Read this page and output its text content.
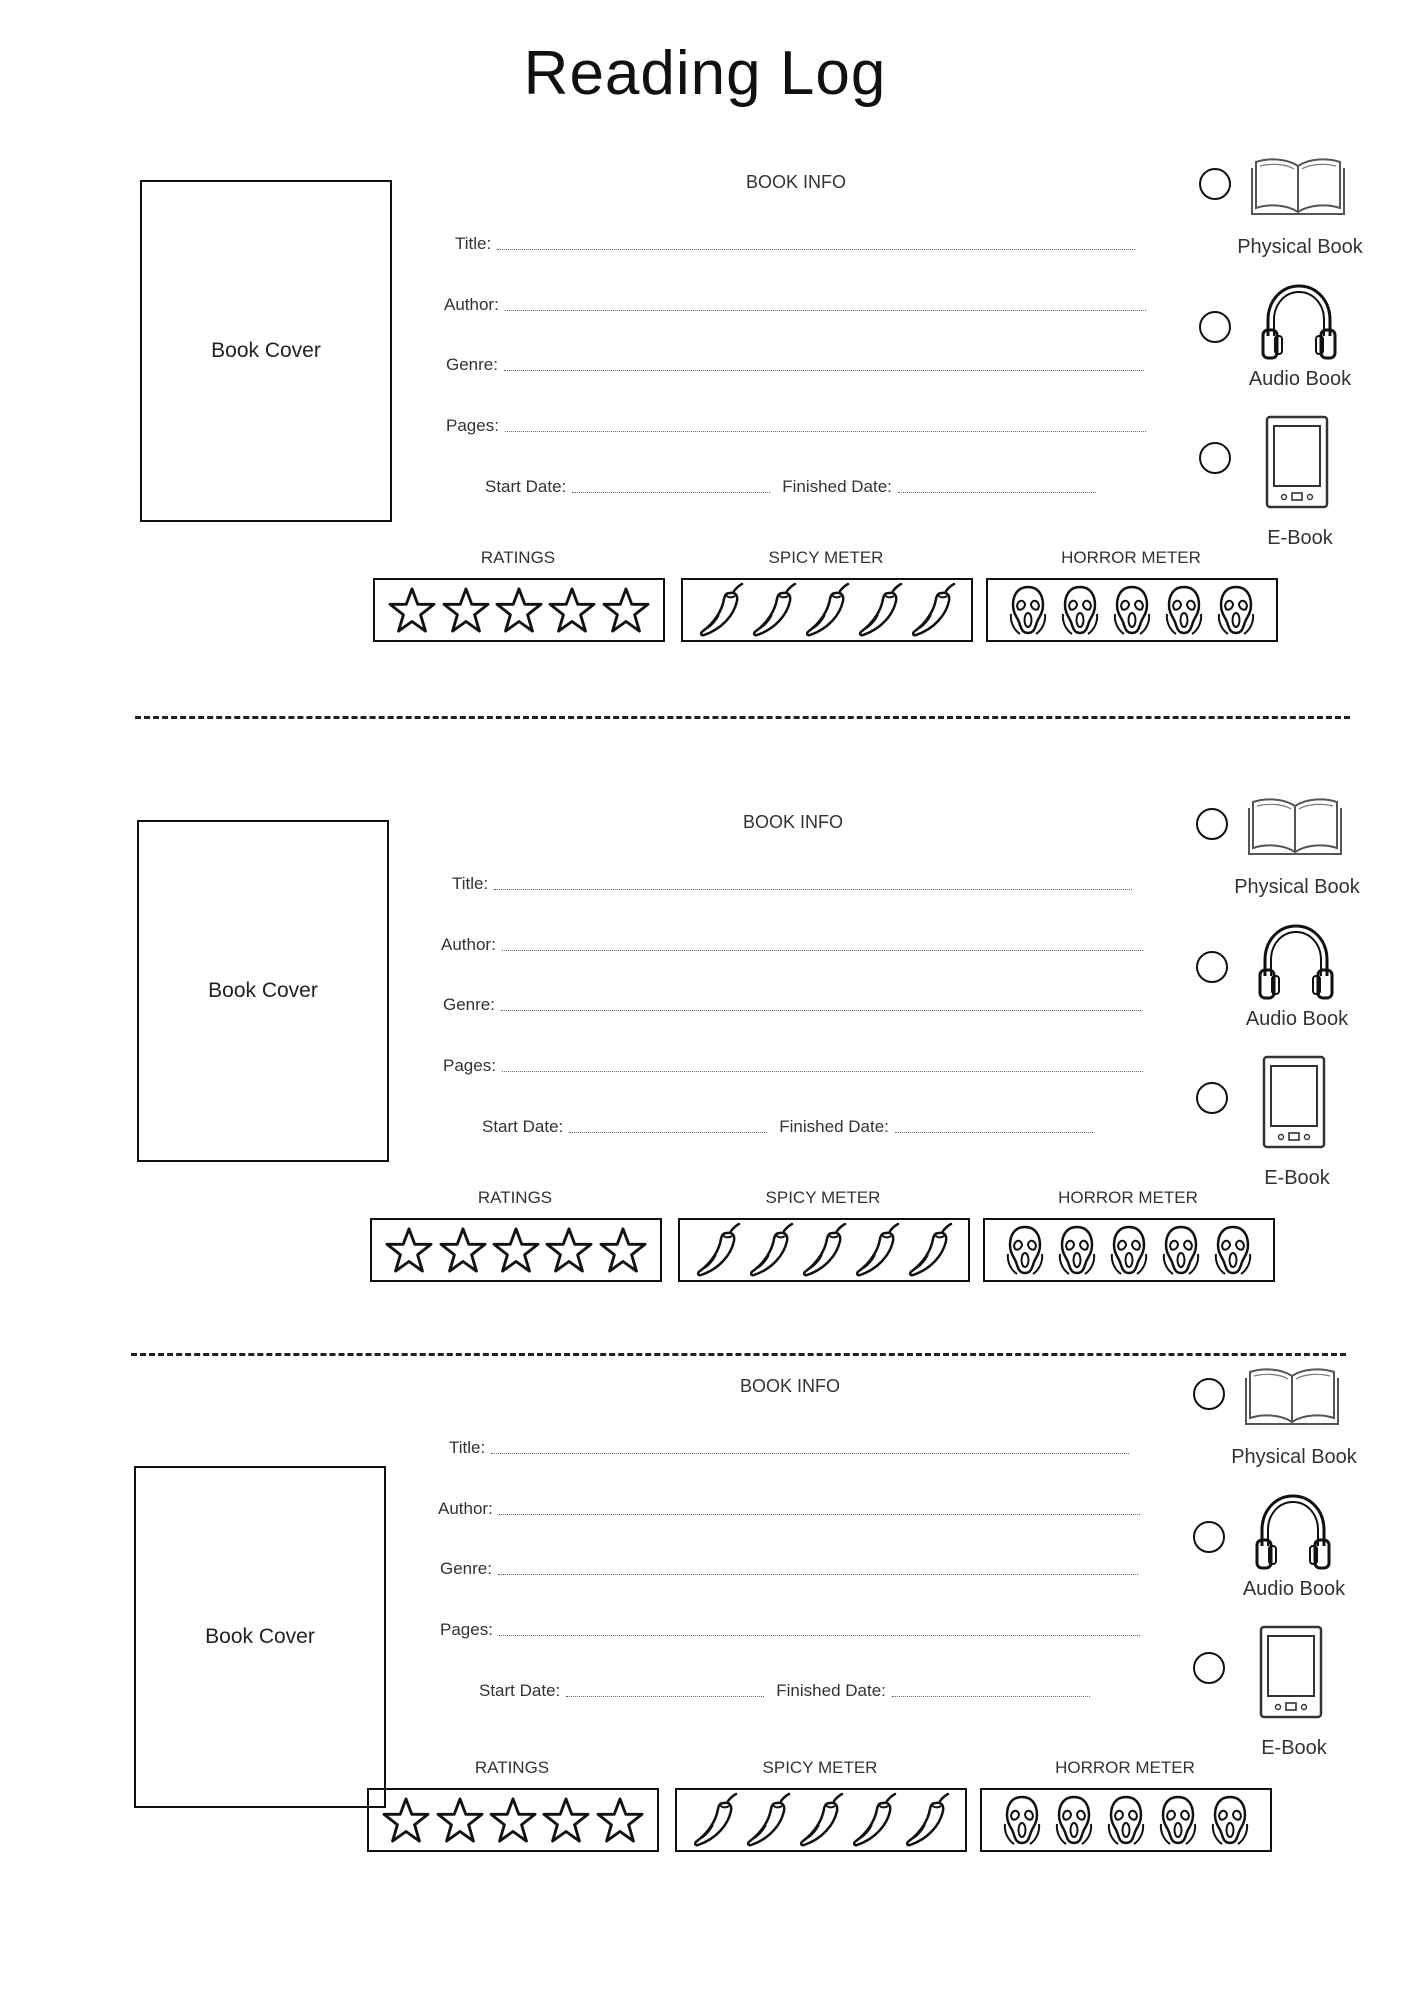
Reading Log
Book Cover
BOOK INFO
Title:
Author:
Genre:
Pages:
Start Date:	Finished Date:
Physical Book
Audio Book
E-Book
RATINGS	SPICY METER	HORROR METER
Book Cover
BOOK INFO
Title:
Author:
Genre:
Pages:
Start Date:	Finished Date:
Physical Book
Audio Book
E-Book
RATINGS	SPICY METER	HORROR METER
Book Cover
BOOK INFO
Title:
Author:
Genre:
Pages:
Start Date:	Finished Date:
Physical Book
Audio Book
E-Book
RATINGS	SPICY METER	HORROR METER
